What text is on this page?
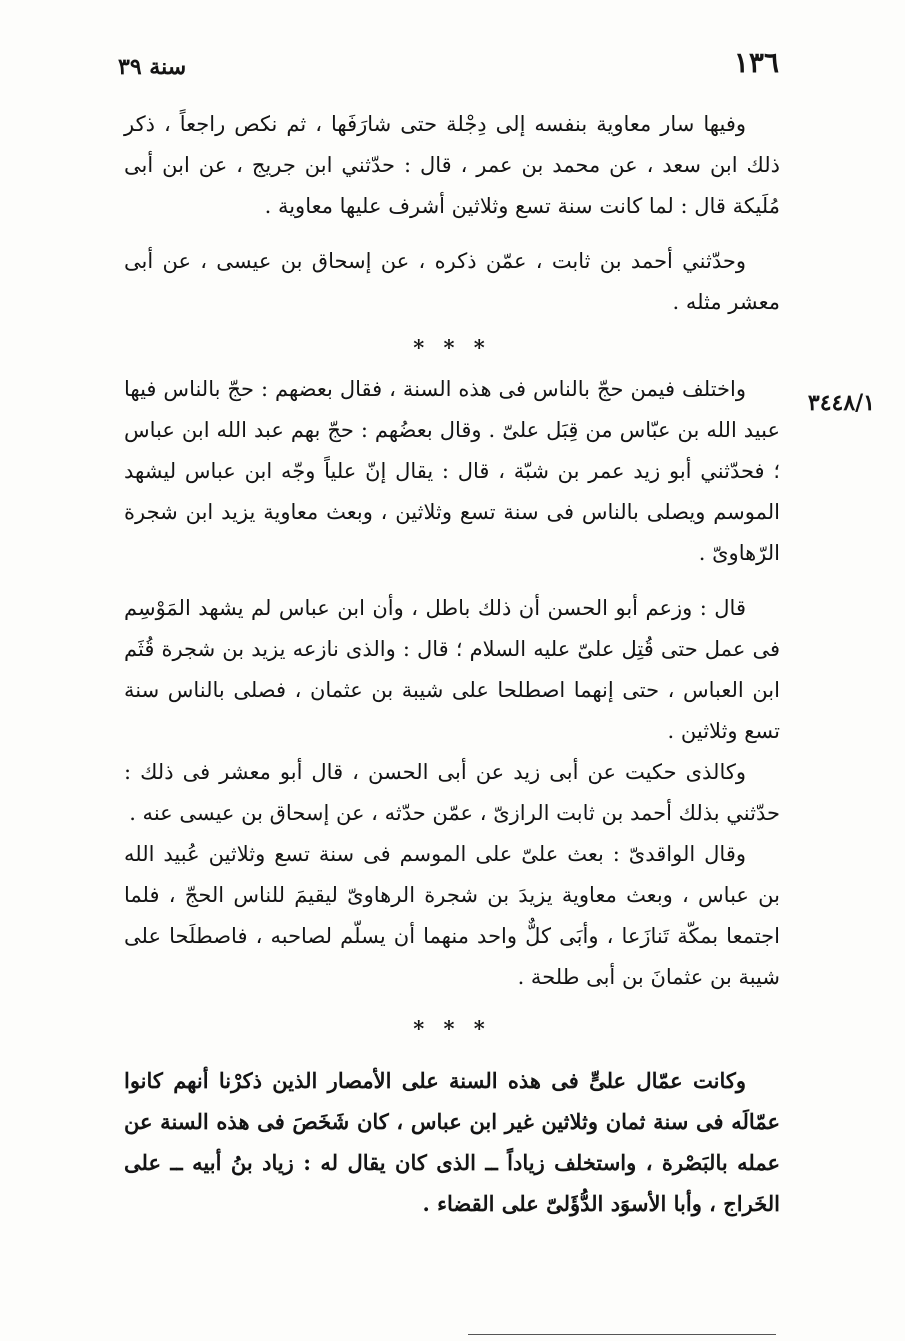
سنة ٣٩	١٣٦
٣٤٤٨/١

وفيها سار معاوية بنفسه إلى دِجْلة حتى شارَفَها ، ثم نكص راجعاً ، ذكر ذلك ابن سعد ، عن محمد بن عمر ، قال : حدّثني ابن جريج ، عن ابن أبى مُلَيكة قال : لما كانت سنة تسع وثلاثين أشرف عليها معاوية .

وحدّثني أحمد بن ثابت ، عمّن ذكره ، عن إسحاق بن عيسى ، عن أبى معشر مثله .

* * *

واختلف فيمن حجّ بالناس فى هذه السنة ، فقال بعضهم : حجّ بالناس فيها عبيد الله بن عبّاس من قِبَل علىّ . وقال بعضُهم : حجّ بهم عبد الله ابن عباس ؛ فحدّثني أبو زيد عمر بن شبّة ، قال : يقال إنّ علياً وجّه ابن عباس ليشهد الموسم ويصلى بالناس فى سنة تسع وثلاثين ، وبعث معاوية يزيد ابن شجرة الرّهاوىّ .

قال : وزعم أبو الحسن أن ذلك باطل ، وأن ابن عباس لم يشهد المَوْسِم فى عمل حتى قُتِل علىّ عليه السلام ؛ قال : والذى نازعه يزيد بن شجرة قُثَم ابن العباس ، حتى إنهما اصطلحا على شيبة بن عثمان ، فصلى بالناس سنة تسع وثلاثين .

وكالذى حكيت عن أبى زيد عن أبى الحسن ، قال أبو معشر فى ذلك : حدّثني بذلك أحمد بن ثابت الرازىّ ، عمّن حدّثه ، عن إسحاق بن عيسى عنه .

وقال الواقدىّ : بعث علىّ على الموسم فى سنة تسع وثلاثين عُبيد الله بن عباس ، وبعث معاوية يزيدَ بن شجرة الرهاوىّ ليقيمَ للناس الحجّ ، فلما اجتمعا بمكّة تَنازَعا ، وأبَى كلٌّ واحد منهما أن يسلّم لصاحبه ، فاصطلَحا على شيبة بن عثمانَ بن أبى طلحة .

* * *

وكانت عمّال علىٍّ فى هذه السنة على الأمصار الذين ذكرْنا أنهم كانوا عمّالَه فى سنة ثمان وثلاثين غير ابن عباس ، كان شَخَصَ فى هذه السنة عن عمله بالبَصْرة ، واستخلف زياداً ــ الذى كان يقال له : زياد بنُ أبيه ــ على الخَراج ، وأبا الأسوَد الدُّؤَلىّ على القضاء .
